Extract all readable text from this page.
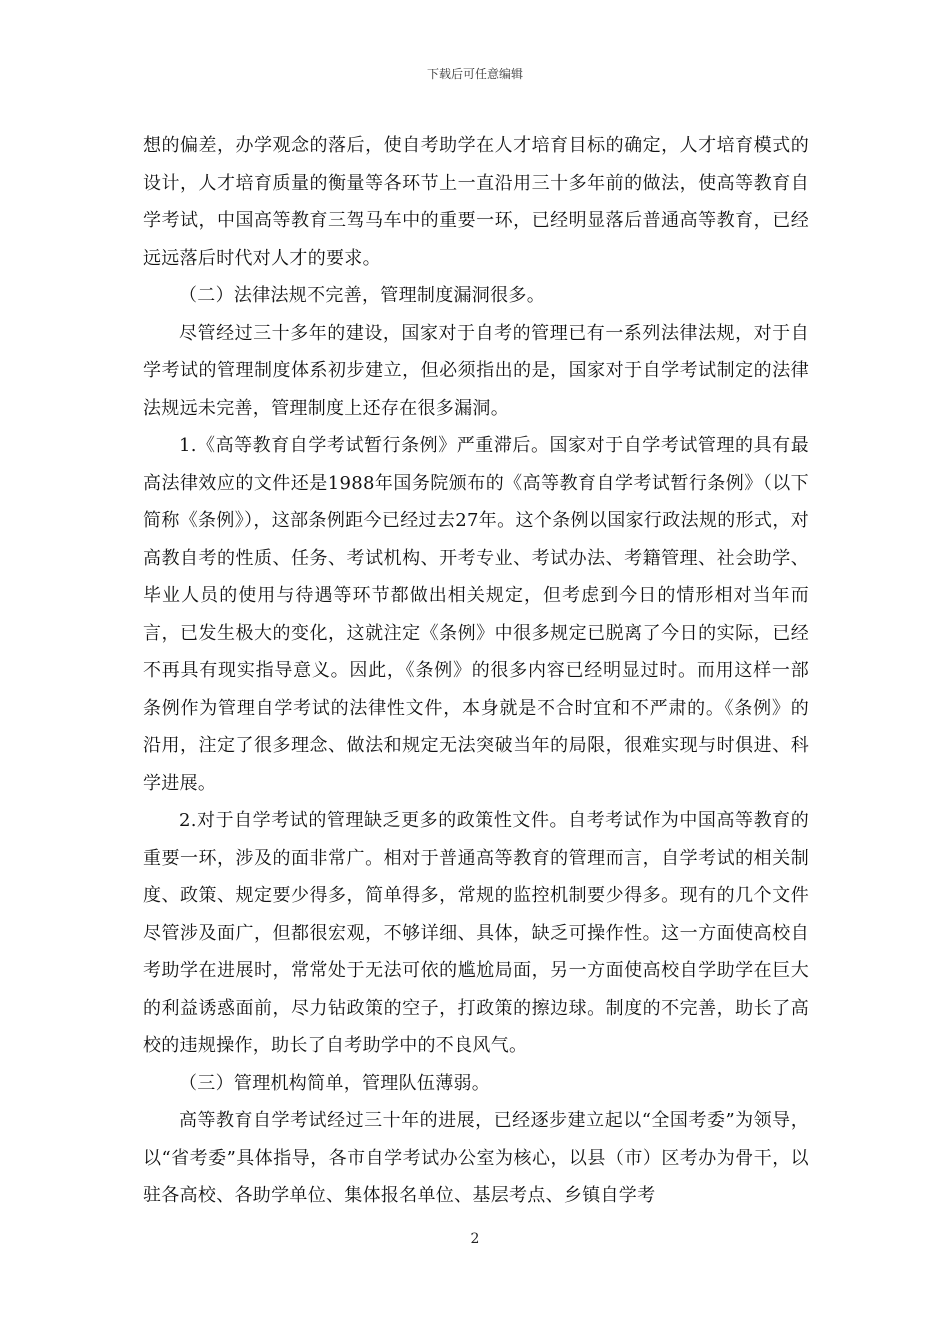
下载后可任意编辑

想的偏差，办学观念的落后，使自考助学在人才培育目标的确定，人才培育模式的设计，人才培育质量的衡量等各环节上一直沿用三十多年前的做法，使高等教育自学考试，中国高等教育三驾马车中的重要一环，已经明显落后普通高等教育，已经远远落后时代对人才的要求。

（二）法律法规不完善，管理制度漏洞很多。

尽管经过三十多年的建设，国家对于自考的管理已有一系列法律法规，对于自学考试的管理制度体系初步建立，但必须指出的是，国家对于自学考试制定的法律法规远未完善，管理制度上还存在很多漏洞。

1.《高等教育自学考试暂行条例》严重滞后。国家对于自学考试管理的具有最高法律效应的文件还是1988年国务院颁布的《高等教育自学考试暂行条例》（以下简称《条例》），这部条例距今已经过去27年。这个条例以国家行政法规的形式，对高教自考的性质、任务、考试机构、开考专业、考试办法、考籍管理、社会助学、毕业人员的使用与待遇等环节都做出相关规定，但考虑到今日的情形相对当年而言，已发生极大的变化，这就注定《条例》中很多规定已脱离了今日的实际，已经不再具有现实指导意义。因此，《条例》的很多内容已经明显过时。而用这样一部条例作为管理自学考试的法律性文件，本身就是不合时宜和不严肃的。《条例》的沿用，注定了很多理念、做法和规定无法突破当年的局限，很难实现与时俱进、科学进展。

2.对于自学考试的管理缺乏更多的政策性文件。自考考试作为中国高等教育的重要一环，涉及的面非常广。相对于普通高等教育的管理而言，自学考试的相关制度、政策、规定要少得多，简单得多，常规的监控机制要少得多。现有的几个文件尽管涉及面广，但都很宏观，不够详细、具体，缺乏可操作性。这一方面使高校自考助学在进展时，常常处于无法可依的尴尬局面，另一方面使高校自学助学在巨大的利益诱惑面前，尽力钻政策的空子，打政策的擦边球。制度的不完善，助长了高校的违规操作，助长了自考助学中的不良风气。

（三）管理机构简单，管理队伍薄弱。

高等教育自学考试经过三十年的进展，已经逐步建立起以“全国考委”为领导，以“省考委”具体指导，各市自学考试办公室为核心，以县（市）区考办为骨干，以驻各高校、各助学单位、集体报名单位、基层考点、乡镇自学考

2
